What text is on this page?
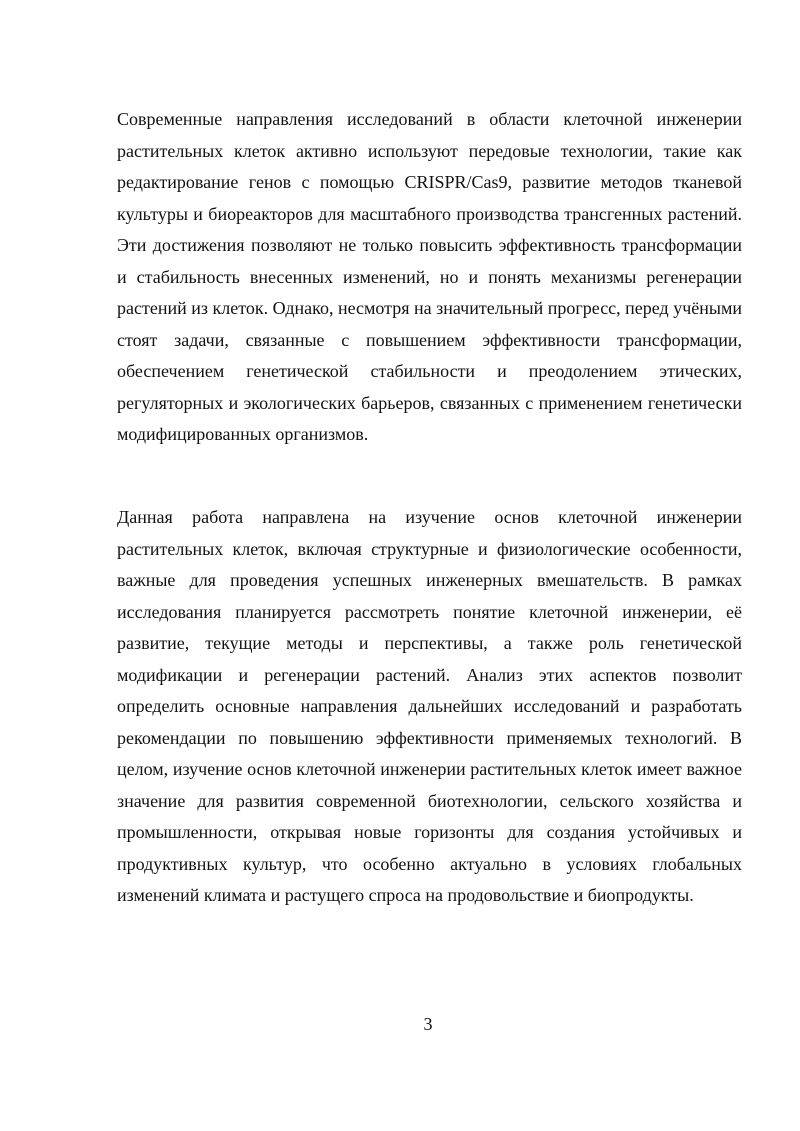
Современные направления исследований в области клеточной инженерии растительных клеток активно используют передовые технологии, такие как редактирование генов с помощью CRISPR/Cas9, развитие методов тканевой культуры и биореакторов для масштабного производства трансгенных растений. Эти достижения позволяют не только повысить эффективность трансформации и стабильность внесенных изменений, но и понять механизмы регенерации растений из клеток. Однако, несмотря на значительный прогресс, перед учёными стоят задачи, связанные с повышением эффективности трансформации, обеспечением генетической стабильности и преодолением этических, регуляторных и экологических барьеров, связанных с применением генетически модифицированных организмов.

Данная работа направлена на изучение основ клеточной инженерии растительных клеток, включая структурные и физиологические особенности, важные для проведения успешных инженерных вмешательств. В рамках исследования планируется рассмотреть понятие клеточной инженерии, её развитие, текущие методы и перспективы, а также роль генетической модификации и регенерации растений. Анализ этих аспектов позволит определить основные направления дальнейших исследований и разработать рекомендации по повышению эффективности применяемых технологий. В целом, изучение основ клеточной инженерии растительных клеток имеет важное значение для развития современной биотехнологии, сельского хозяйства и промышленности, открывая новые горизонты для создания устойчивых и продуктивных культур, что особенно актуально в условиях глобальных изменений климата и растущего спроса на продовольствие и биопродукты.

3
